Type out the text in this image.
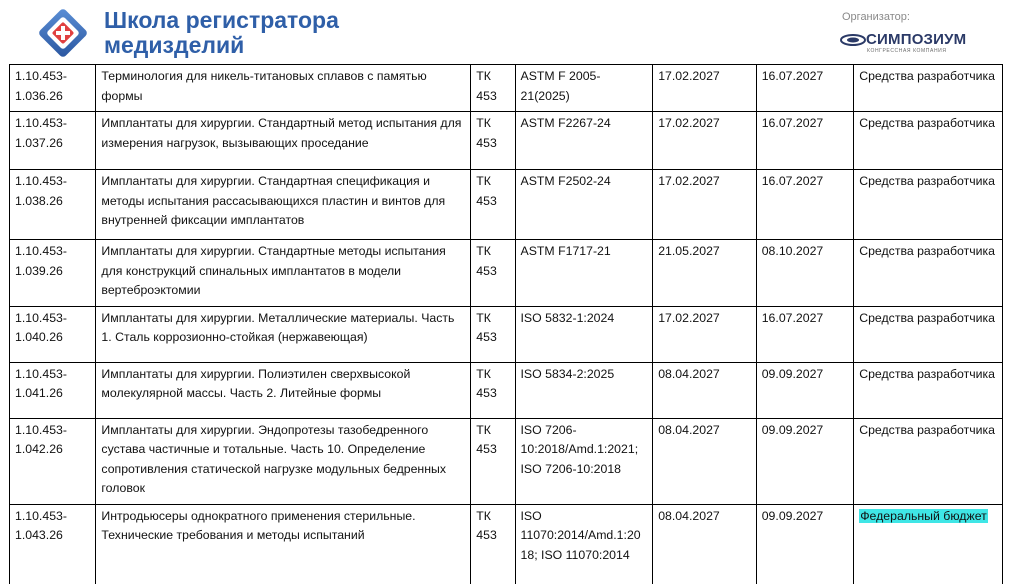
Школа регистратора
медизделий
Организатор:
СИМПОЗИУМ
КОНГРЕССНАЯ КОМПАНИЯ
1.10.453-1.036.26	Терминология для никель-титановых сплавов с памятью формы	ТК 453	ASTM F 2005-21(2025)	17.02.2027	16.07.2027	Средства разработчика
1.10.453-1.037.26	Имплантаты для хирургии. Стандартный метод испытания для измерения нагрузок, вызывающих проседание	ТК 453	ASTM F2267-24	17.02.2027	16.07.2027	Средства разработчика
1.10.453-1.038.26	Имплантаты для хирургии. Стандартная спецификация и методы испытания рассасывающихся пластин и винтов для внутренней фиксации имплантатов	ТК 453	ASTM F2502-24	17.02.2027	16.07.2027	Средства разработчика
1.10.453-1.039.26	Имплантаты для хирургии. Стандартные методы испытания для конструкций спинальных имплантатов в модели вертеброэктомии	ТК 453	ASTM F1717-21	21.05.2027	08.10.2027	Средства разработчика
1.10.453-1.040.26	Имплантаты для хирургии. Металлические материалы. Часть 1. Сталь коррозионно-стойкая (нержавеющая)	ТК 453	ISO 5832-1:2024	17.02.2027	16.07.2027	Средства разработчика
1.10.453-1.041.26	Имплантаты для хирургии. Полиэтилен сверхвысокой молекулярной массы. Часть 2. Литейные формы	ТК 453	ISO 5834-2:2025	08.04.2027	09.09.2027	Средства разработчика
1.10.453-1.042.26	Имплантаты для хирургии. Эндопротезы тазобедренного сустава частичные и тотальные. Часть 10. Определение сопротивления статической нагрузке модульных бедренных головок	ТК 453	ISO 7206-10:2018/Amd.1:2021; ISO 7206-10:2018	08.04.2027	09.09.2027	Средства разработчика
1.10.453-1.043.26	Интродьюсеры однократного применения стерильные. Технические требования и методы испытаний	ТК 453	ISO 11070:2014/Amd.1:2018; ISO 11070:2014	08.04.2027	09.09.2027	Федеральный бюджет
